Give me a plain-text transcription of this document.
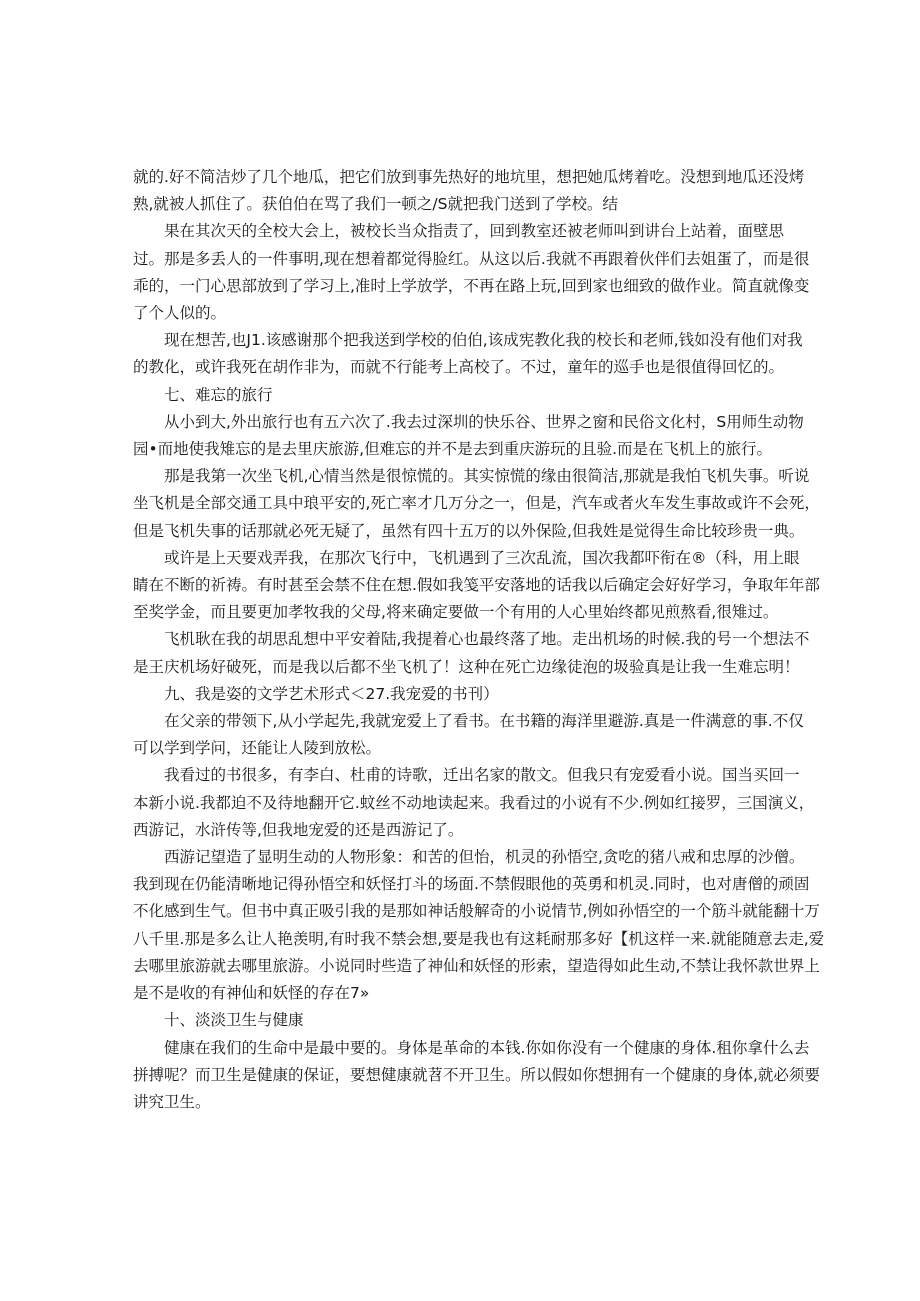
就的.好不简洁炒了几个地瓜，把它们放到事先热好的地坑里，想把她瓜烤着吃。没想到地瓜还没烤
熟,就被人抓住了。获伯伯在骂了我们一顿之/S就把我门送到了学校。结

果在其次天的全校大会上，被校长当众指责了，回到教室还被老师叫到讲台上站着，面壁思
过。那是多丢人的一件事明,现在想着都觉得脸红。从这以后.我就不再跟着伙伴们去姐蛋了，而是很
乖的，一门心思部放到了学习上,准时上学放学，不再在路上玩,回到家也细致的做作业。简直就像变
了个人似的。

现在想苦,也J1.该感谢那个把我送到学校的伯伯,该成宪教化我的校长和老师,钱如没有他们对我
的教化，或许我死在胡作非为，而就不行能考上高校了。不过，童年的巡手也是很值得回忆的。

七、难忘的旅行

从小到大,外出旅行也有五六次了.我去过深圳的快乐谷、世界之窗和民俗文化村，S用师生动物
园•而地使我雉忘的是去里庆旅游,但难忘的并不是去到重庆游玩的且验.而是在飞机上的旅行。

那是我第一次坐飞机,心情当然是很惊慌的。其实惊慌的缘由很简洁,那就是我怕飞机失事。听说
坐飞机是全部交通工具中琅平安的,死亡率才几万分之一，但是，汽车或者火车发生事故或许不会死，
但是飞机失事的话那就必死无疑了，虽然有四十五万的以外保险,但我姓是觉得生命比较珍贵一典。

或许是上天要戏弄我，在那次飞行中，飞机遇到了三次乱流，国次我都吓衔在®（科，用上眼
睛在不断的祈祷。有时甚至会禁不住在想.假如我笺平安落地的话我以后确定会好好学习，争取年年部
至奖学金，而且要更加孝牧我的父母,将来确定要做一个有用的人心里始终都见煎熬看,很雉过。

飞机耿在我的胡思乱想中平安着陆,我提着心也最终落了地。走出机场的时候.我的号一个想法不
是王庆机场好破死，而是我以后都不坐飞机了！这种在死亡边缘徒泡的圾验真是让我一生难忘明！

九、我是姿的文学艺术形式＜27.我宠爱的书刊）

在父亲的带领下,从小学起先,我就宠爱上了看书。在书籍的海洋里避游.真是一件满意的事.不仅
可以学到学问，还能让人陵到放松。

我看过的书很多，有李白、杜甫的诗歌，迁出名家的散文。但我只有宠爱看小说。国当买回一
本新小说.我都迫不及待地翻开它.蚊丝不动地读起来。我看过的小说有不少.例如红接罗，三国演义，
西游记，水浒传等,但我地宠爱的还是西游记了。

西游记望造了显明生动的人物形象：和苦的但怡，机灵的孙悟空,贪吃的猪八戒和忠厚的沙僧。
我到现在仍能清晰地记得孙悟空和妖怪打斗的场面.不禁假眼他的英勇和机灵.同时，也对唐僧的顽固
不化感到生气。但书中真正吸引我的是那如神话般解奇的小说情节,例如孙悟空的一个筋斗就能翻十万
八千里.那是多么让人艳羡明,有时我不禁会想,要是我也有这耗耐那多好【机这样一来.就能随意去走,爱
去哪里旅游就去哪里旅游。小说同时些造了神仙和妖怪的形索，望造得如此生动,不禁让我怀款世界上
是不是收的有神仙和妖怪的存在7»

十、淡淡卫生与健康

健康在我们的生命中是最中要的。身体是革命的本钱.你如你没有一个健康的身体.租你拿什么去
拼搏呢？而卫生是健康的保证，要想健康就苕不开卫生。所以假如你想拥有一个健康的身体,就必须要
讲究卫生。
